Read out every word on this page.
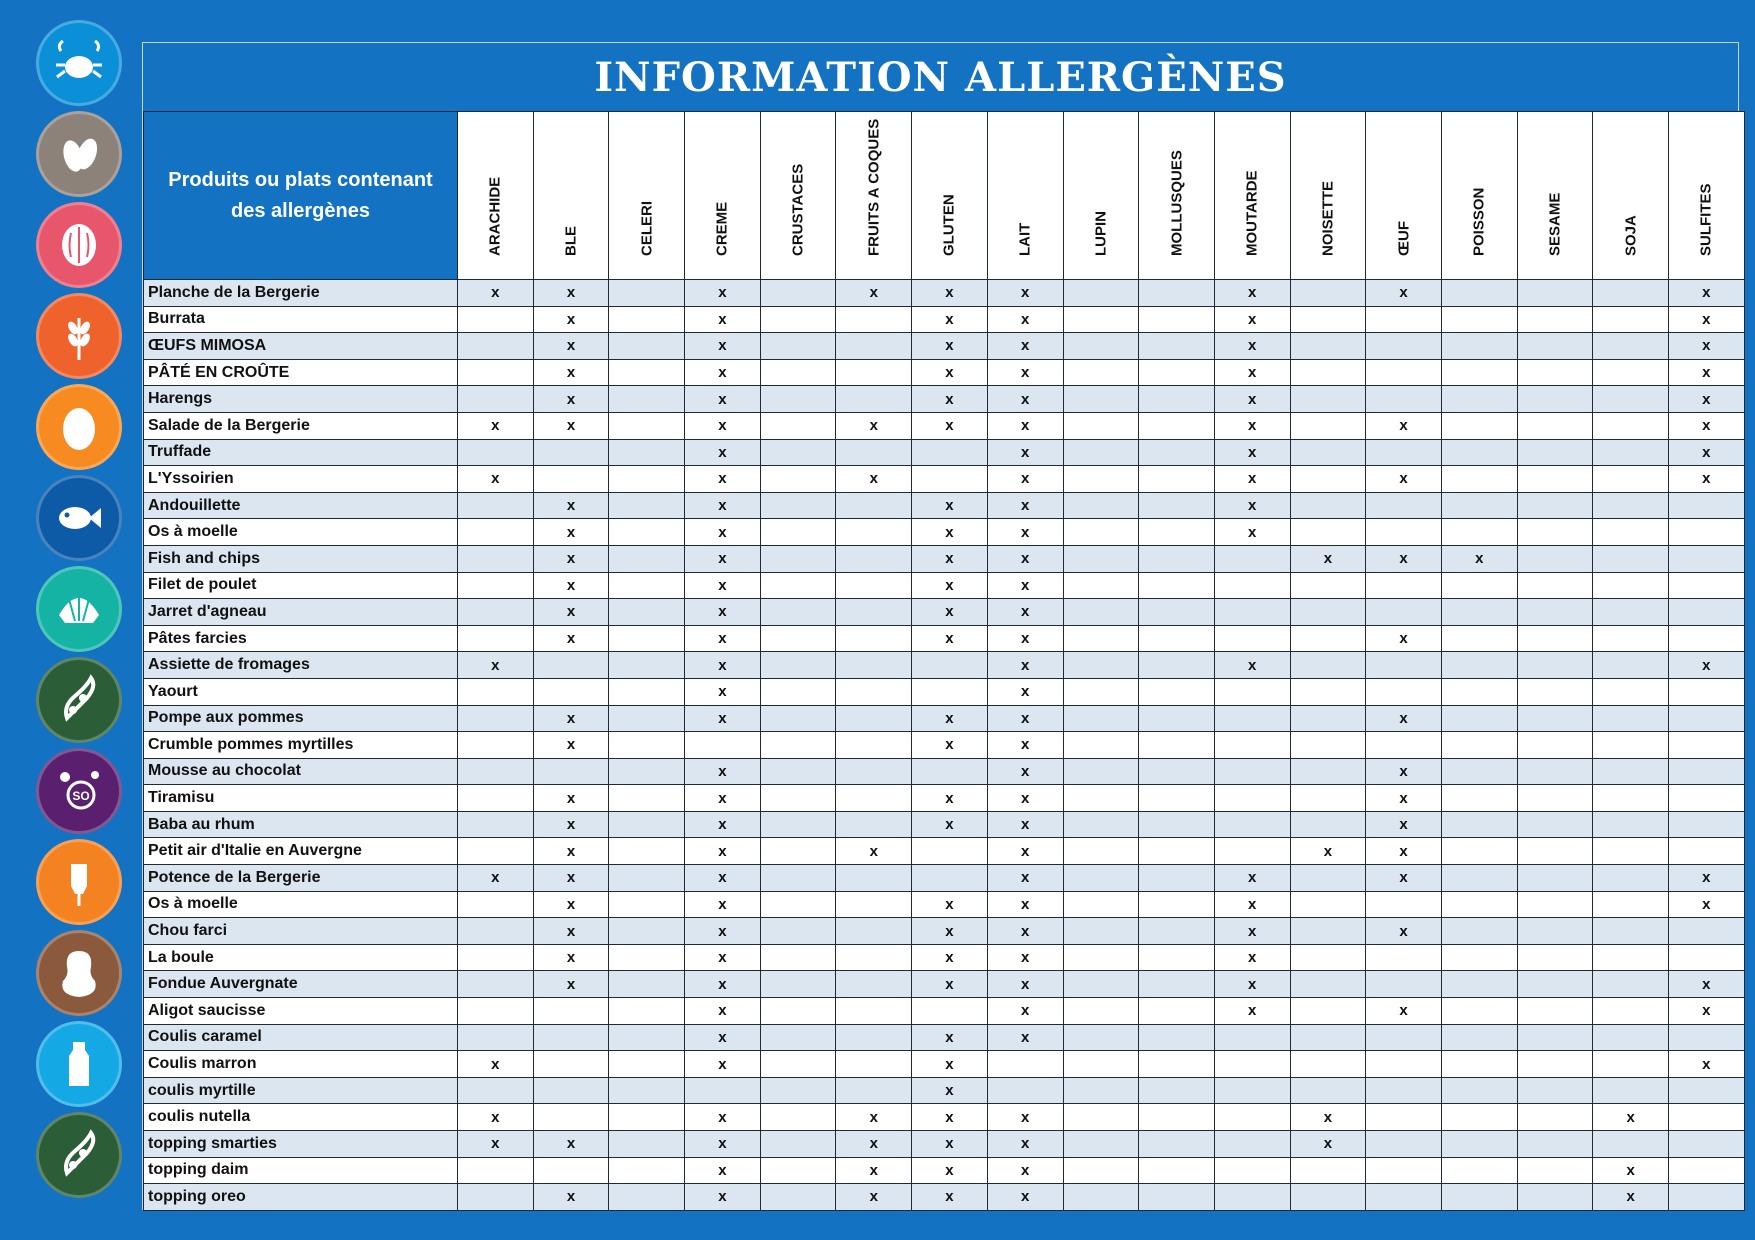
SO
INFORMATION ALLERGÈNES
Produits ou plats contenant des allergènes	ARACHIDE	BLE	CELERI	CREME	CRUSTACES	FRUITS A COQUES	GLUTEN	LAIT	LUPIN	MOLLUSQUES	MOUTARDE	NOISETTE	ŒUF	POISSON	SESAME	SOJA	SULFITES

Planche de la Bergerie	x	x		x		x	x	x			x		x				x
Burrata		x		x			x	x			x						x
ŒUFS MIMOSA		x		x			x	x			x						x
PÂTÉ EN CROÛTE		x		x			x	x			x						x
Harengs		x		x			x	x			x						x
Salade de la Bergerie	x	x		x		x	x	x			x		x				x
Truffade				x				x			x						x
L'Yssoirien	x			x		x		x			x		x				x
Andouillette		x		x			x	x			x						
Os à moelle		x		x			x	x			x						
Fish and chips		x		x			x	x				x	x	x			
Filet de poulet		x		x			x	x									
Jarret d'agneau		x		x			x	x									
Pâtes farcies		x		x			x	x					x				
Assiette de fromages	x			x				x			x						x
Yaourt				x				x									
Pompe aux pommes		x		x			x	x					x				
Crumble pommes myrtilles		x					x	x									
Mousse au chocolat				x				x					x				
Tiramisu		x		x			x	x					x				
Baba au rhum		x		x			x	x					x				
Petit air d'Italie en Auvergne		x		x		x		x				x	x				
Potence de la Bergerie	x	x		x				x			x		x				x
Os à moelle		x		x			x	x			x						x
Chou farci		x		x			x	x			x		x				
La boule		x		x			x	x			x						
Fondue Auvergnate		x		x			x	x			x						x
Aligot saucisse				x				x			x		x				x
Coulis caramel				x			x	x									
Coulis marron	x			x			x										x
coulis myrtille							x										
coulis nutella	x			x		x	x	x				x				x	
topping smarties	x	x		x		x	x	x				x					
topping daim				x		x	x	x								x	
topping oreo		x		x		x	x	x								x	
